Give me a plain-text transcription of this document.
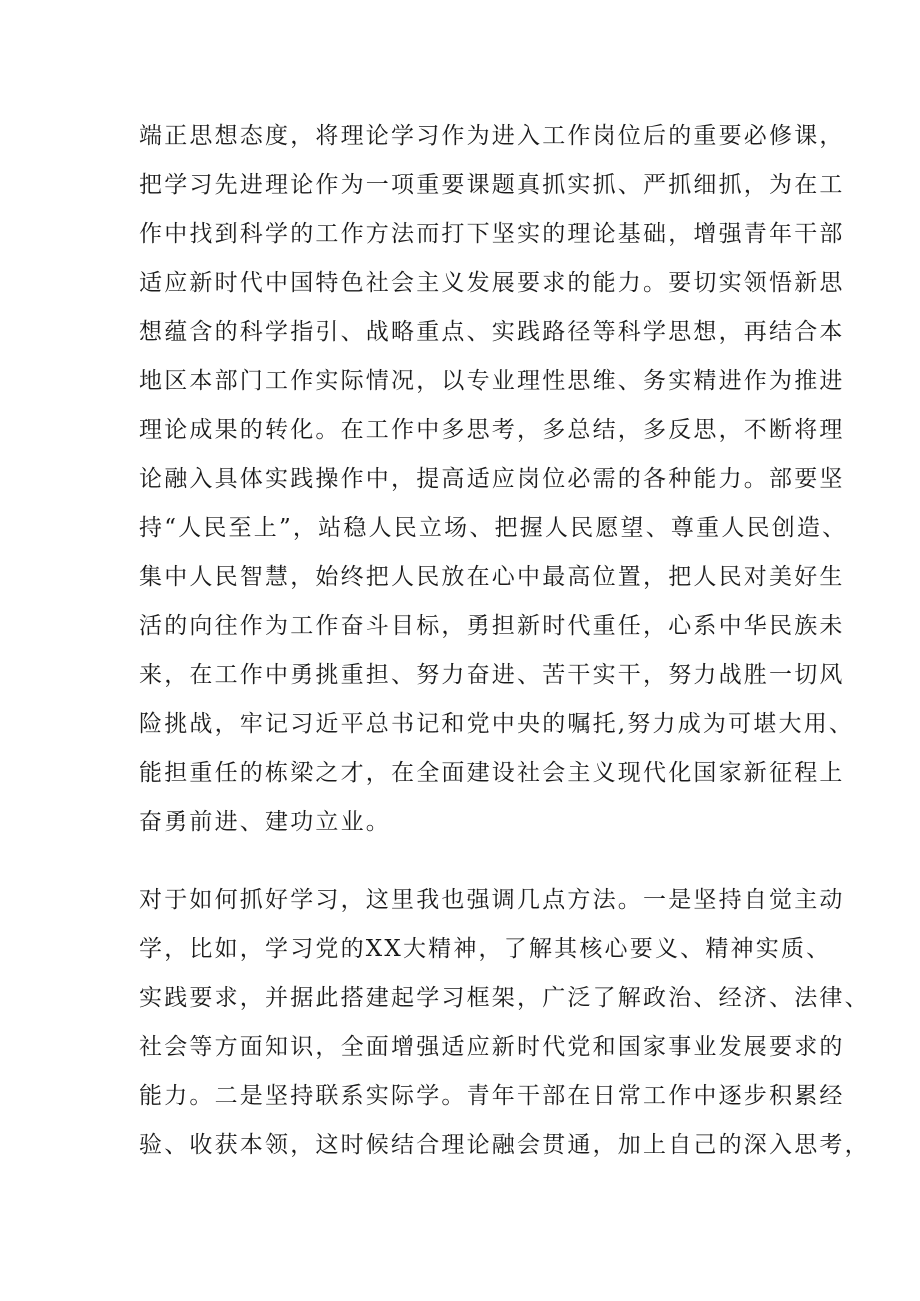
端正思想态度，将理论学习作为进入工作岗位后的重要必修课，
把学习先进理论作为一项重要课题真抓实抓、严抓细抓，为在工
作中找到科学的工作方法而打下坚实的理论基础，增强青年干部
适应新时代中国特色社会主义发展要求的能力。要切实领悟新思
想蕴含的科学指引、战略重点、实践路径等科学思想，再结合本
地区本部门工作实际情况，以专业理性思维、务实精进作为推进
理论成果的转化。在工作中多思考，多总结，多反思，不断将理
论融入具体实践操作中，提高适应岗位必需的各种能力。部要坚
持“人民至上”，站稳人民立场、把握人民愿望、尊重人民创造、
集中人民智慧，始终把人民放在心中最高位置，把人民对美好生
活的向往作为工作奋斗目标，勇担新时代重任，心系中华民族未
来，在工作中勇挑重担、努力奋进、苦干实干，努力战胜一切风
险挑战，牢记习近平总书记和党中央的嘱托,努力成为可堪大用、
能担重任的栋梁之才，在全面建设社会主义现代化国家新征程上
奋勇前进、建功立业。
对于如何抓好学习，这里我也强调几点方法。一是坚持自觉主动
学，比如，学习党的XX大精神，了解其核心要义、精神实质、
实践要求，并据此搭建起学习框架，广泛了解政治、经济、法律、
社会等方面知识，全面增强适应新时代党和国家事业发展要求的
能力。二是坚持联系实际学。青年干部在日常工作中逐步积累经
验、收获本领，这时候结合理论融会贯通，加上自己的深入思考，
